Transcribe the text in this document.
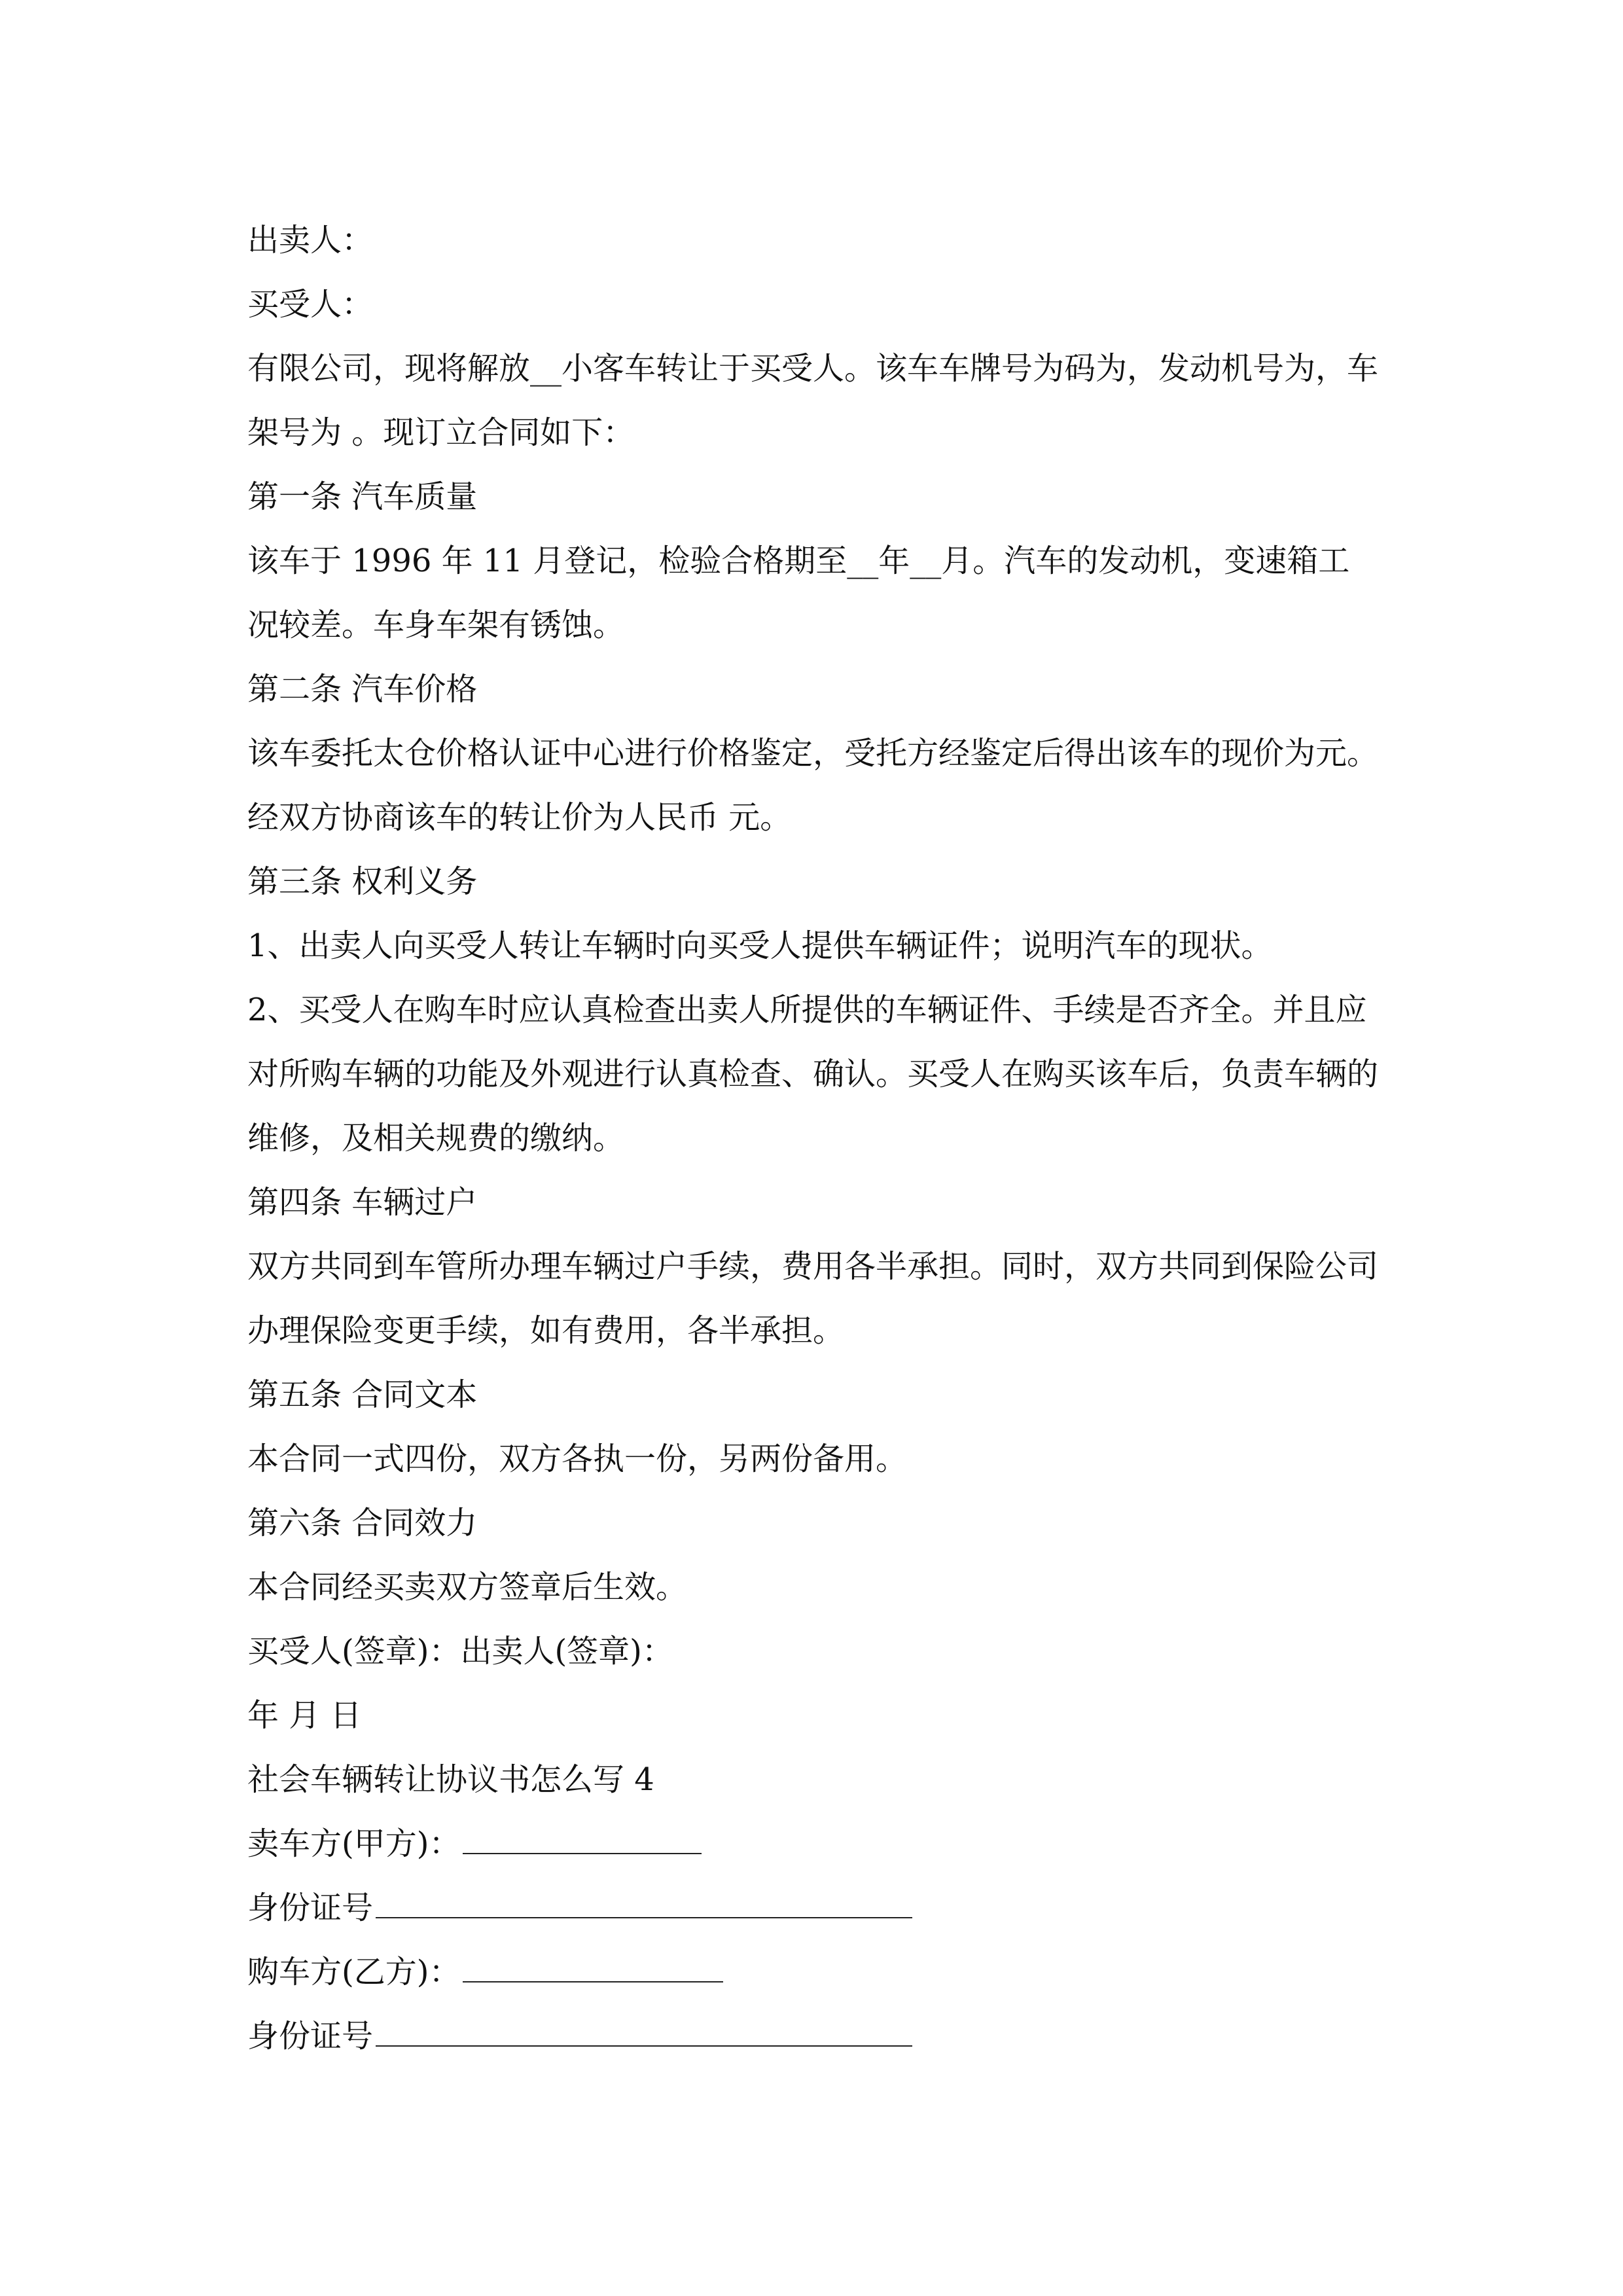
出卖人：

买受人：

有限公司，现将解放__小客车转让于买受人。该车车牌号为码为，发动机号为，车架号为 。现订立合同如下：

第一条 汽车质量

该车于 1996 年 11 月登记，检验合格期至__年__月。汽车的发动机，变速箱工况较差。车身车架有锈蚀。

第二条 汽车价格

该车委托太仓价格认证中心进行价格鉴定，受托方经鉴定后得出该车的现价为元。经双方协商该车的转让价为人民币 元。

第三条 权利义务

1、出卖人向买受人转让车辆时向买受人提供车辆证件；说明汽车的现状。

2、买受人在购车时应认真检查出卖人所提供的车辆证件、手续是否齐全。并且应对所购车辆的功能及外观进行认真检查、确认。买受人在购买该车后，负责车辆的维修，及相关规费的缴纳。

第四条 车辆过户

双方共同到车管所办理车辆过户手续，费用各半承担。同时，双方共同到保险公司办理保险变更手续，如有费用，各半承担。

第五条 合同文本

本合同一式四份，双方各执一份，另两份备用。

第六条 合同效力

本合同经买卖双方签章后生效。

买受人(签章)：出卖人(签章)：

年 月 日

社会车辆转让协议书怎么写 4

卖车方(甲方)：

身份证号

购车方(乙方)：

身份证号
